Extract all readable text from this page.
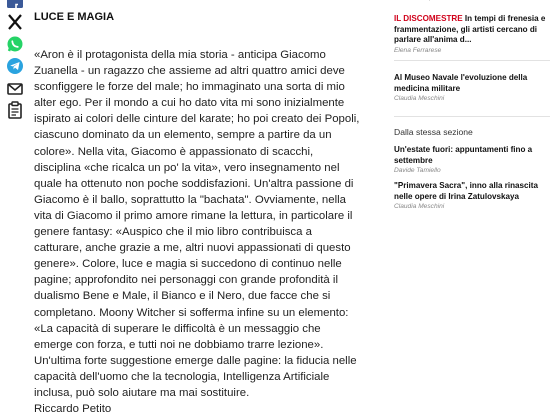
LUCE E MAGIA

«Aron è il protagonista della mia storia - anticipa Giacomo Zuanella - un ragazzo che assieme ad altri quattro amici deve sconfiggere le forze del male; ho immaginato una sorta di mio alter ego. Per il mondo a cui ho dato vita mi sono inizialmente ispirato ai colori delle cinture del karate; ho poi creato dei Popoli, ciascuno dominato da un elemento, sempre a partire da un colore». Nella vita, Giacomo è appassionato di scacchi, disciplina «che ricalca un po' la vita», vero insegnamento nel quale ha ottenuto non poche soddisfazioni. Un'altra passione di Giacomo è il ballo, soprattutto la "bachata". Ovviamente, nella vita di Giacomo il primo amore rimane la lettura, in particolare il genere fantasy: «Auspico che il mio libro contribuisca a catturare, anche grazie a me, altri nuovi appassionati di questo genere». Colore, luce e magia si succedono di continuo nelle pagine; approfondito nei personaggi con grande profondità il dualismo Bene e Male, il Bianco e il Nero, due facce che si completano. Moony Witcher si sofferma infine su un elemento: «La capacità di superare le difficoltà è un messaggio che emerge con forza, e tutti noi ne dobbiamo trarre lezione».

Un'ultima forte suggestione emerge dalle pagine: la fiducia nelle capacità dell'uomo che la tecnologia, Intelligenza Artificiale inclusa, può solo aiutare ma mai sostituire.

Riccardo Petito

IL DISCOMESTRE In tempi di frenesia e frammentazione, gli artisti cercano di parlare all'anima d...
Elena Ferrarese
Al Museo Navale l'evoluzione della medicina militare
Claudia Meschini
Dalla stessa sezione
Un'estate fuori: appuntamenti fino a settembre
Davide Tamiello
"Primavera Sacra", inno alla rinascita nelle opere di Irina Zatulovskaya
Claudia Meschini
